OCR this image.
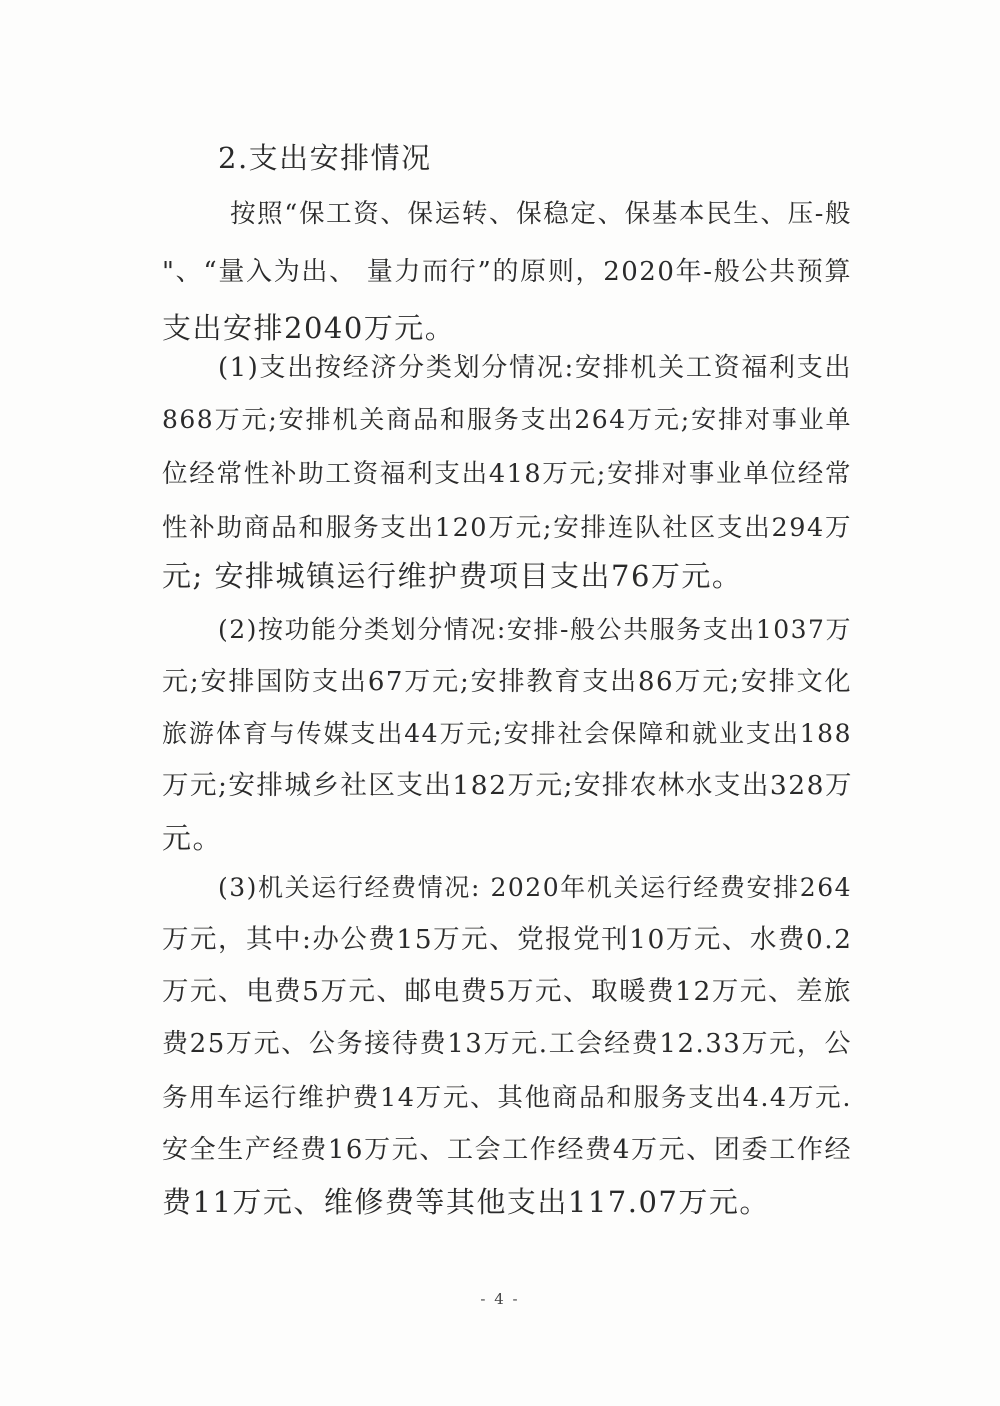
2.支出安排情况
按照“保工资、保运转、保稳定、保基本民生、压-般
"、“量入为出、 量力而行”的原则，2020年-般公共预算
支出安排2040万元。
(1)支出按经济分类划分情况:安排机关工资福利支出
868万元;安排机关商品和服务支出264万元;安排对事业单
位经常性补助工资福利支出418万元;安排对事业单位经常
性补助商品和服务支出120万元;安排连队社区支出294万
元; 安排城镇运行维护费项目支出76万元。
(2)按功能分类划分情况:安排-般公共服务支出1037万
元;安排国防支出67万元;安排教育支出86万元;安排文化
旅游体育与传媒支出44万元;安排社会保障和就业支出188
万元;安排城乡社区支出182万元;安排农林水支出328万
元。
(3)机关运行经费情况: 2020年机关运行经费安排264
万元，其中:办公费15万元、党报党刊10万元、水费0.2
万元、电费5万元、邮电费5万元、取暖费12万元、差旅
费25万元、公务接待费13万元.工会经费12.33万元，公
务用车运行维护费14万元、其他商品和服务支出4.4万元.
安全生产经费16万元、工会工作经费4万元、团委工作经
费11万元、维修费等其他支出117.07万元。
- 4 -
